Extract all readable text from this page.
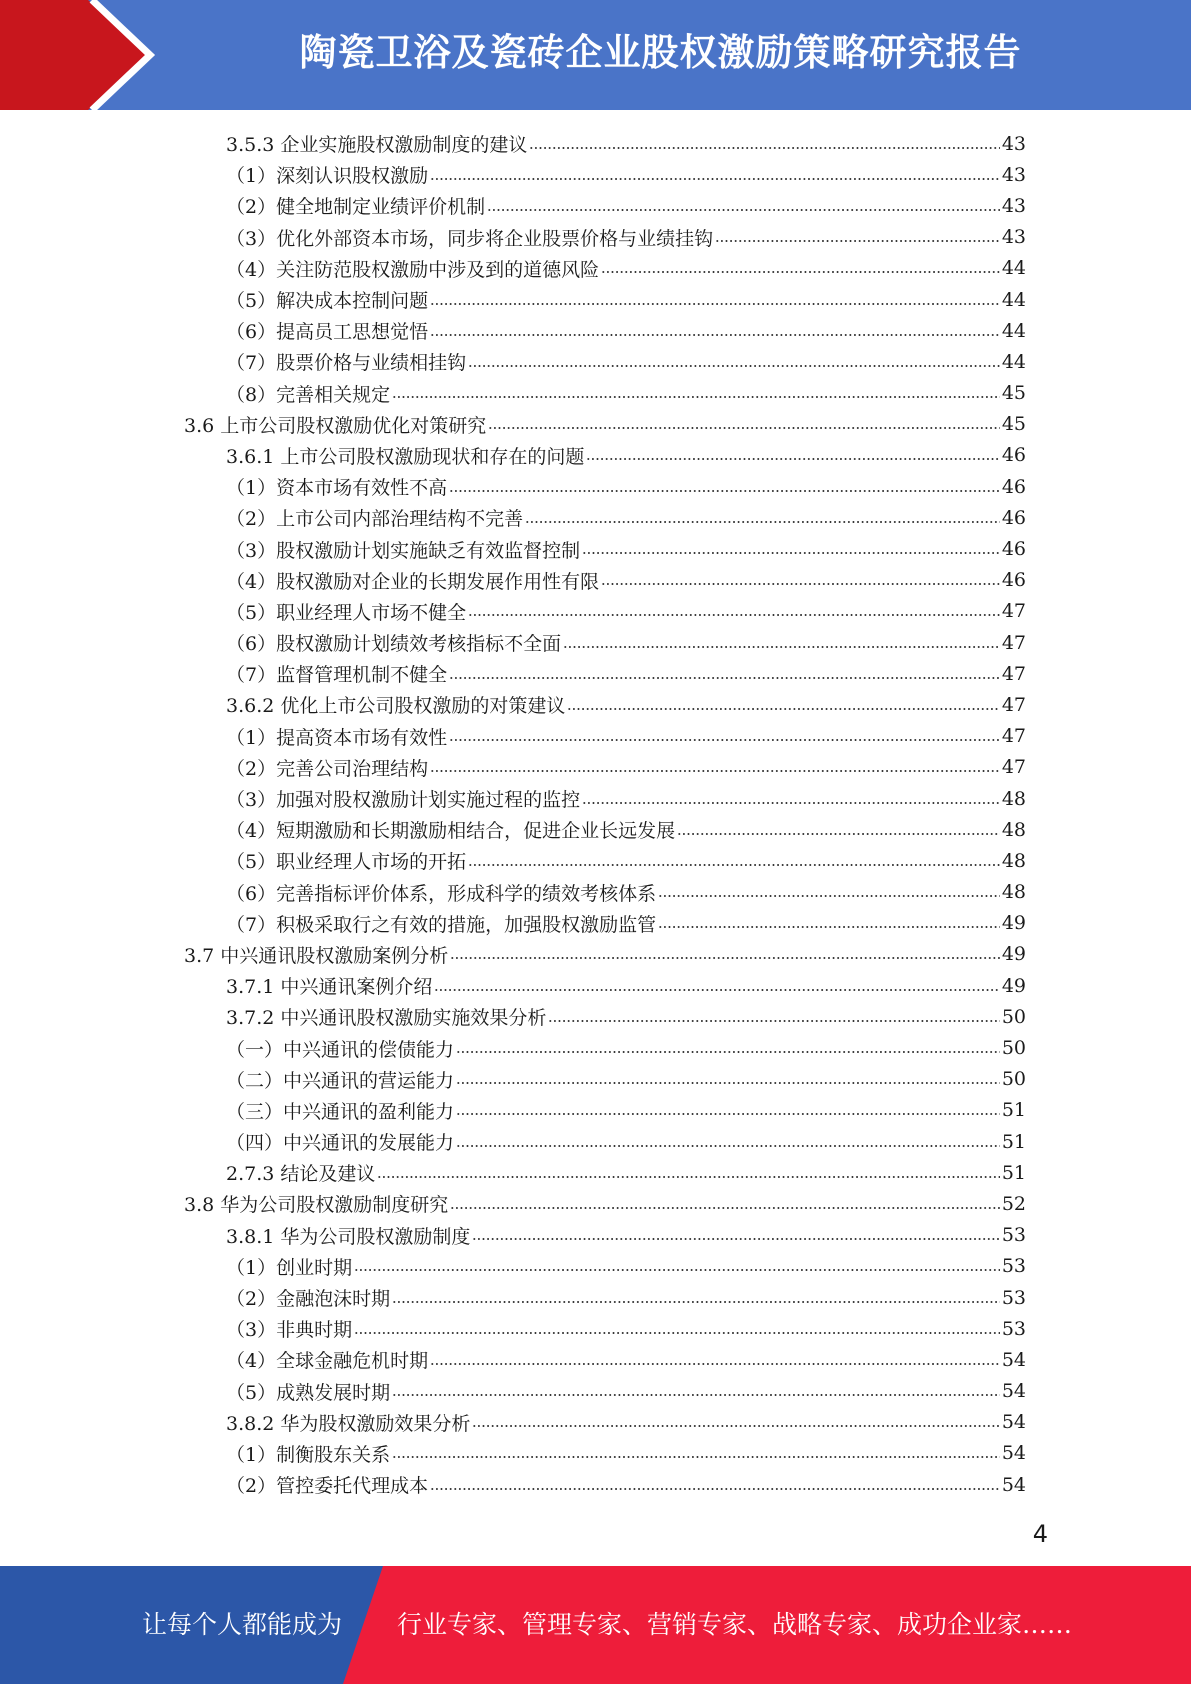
陶瓷卫浴及瓷砖企业股权激励策略研究报告
3.5.3 企业实施股权激励制度的建议	43
（1）深刻认识股权激励	43
（2）健全地制定业绩评价机制	43
（3）优化外部资本市场，同步将企业股票价格与业绩挂钩	43
（4）关注防范股权激励中涉及到的道德风险	44
（5）解决成本控制问题	44
（6）提高员工思想觉悟	44
（7）股票价格与业绩相挂钩	44
（8）完善相关规定	45
3.6 上市公司股权激励优化对策研究	45
3.6.1 上市公司股权激励现状和存在的问题	46
（1）资本市场有效性不高	46
（2）上市公司内部治理结构不完善	46
（3）股权激励计划实施缺乏有效监督控制	46
（4）股权激励对企业的长期发展作用性有限	46
（5）职业经理人市场不健全	47
（6）股权激励计划绩效考核指标不全面	47
（7）监督管理机制不健全	47
3.6.2 优化上市公司股权激励的对策建议	47
（1）提高资本市场有效性	47
（2）完善公司治理结构	47
（3）加强对股权激励计划实施过程的监控	48
（4）短期激励和长期激励相结合，促进企业长远发展	48
（5）职业经理人市场的开拓	48
（6）完善指标评价体系，形成科学的绩效考核体系	48
（7）积极采取行之有效的措施，加强股权激励监管	49
3.7 中兴通讯股权激励案例分析	49
3.7.1 中兴通讯案例介绍	49
3.7.2 中兴通讯股权激励实施效果分析	50
（一）中兴通讯的偿债能力	50
（二）中兴通讯的营运能力	50
（三）中兴通讯的盈利能力	51
（四）中兴通讯的发展能力	51
2.7.3 结论及建议	51
3.8 华为公司股权激励制度研究	52
3.8.1 华为公司股权激励制度	53
（1）创业时期	53
（2）金融泡沫时期	53
（3）非典时期	53
（4）全球金融危机时期	54
（5）成熟发展时期	54
3.8.2 华为股权激励效果分析	54
（1）制衡股东关系	54
（2）管控委托代理成本	54
4
让每个人都能成为 行业专家、管理专家、营销专家、战略专家、成功企业家……
